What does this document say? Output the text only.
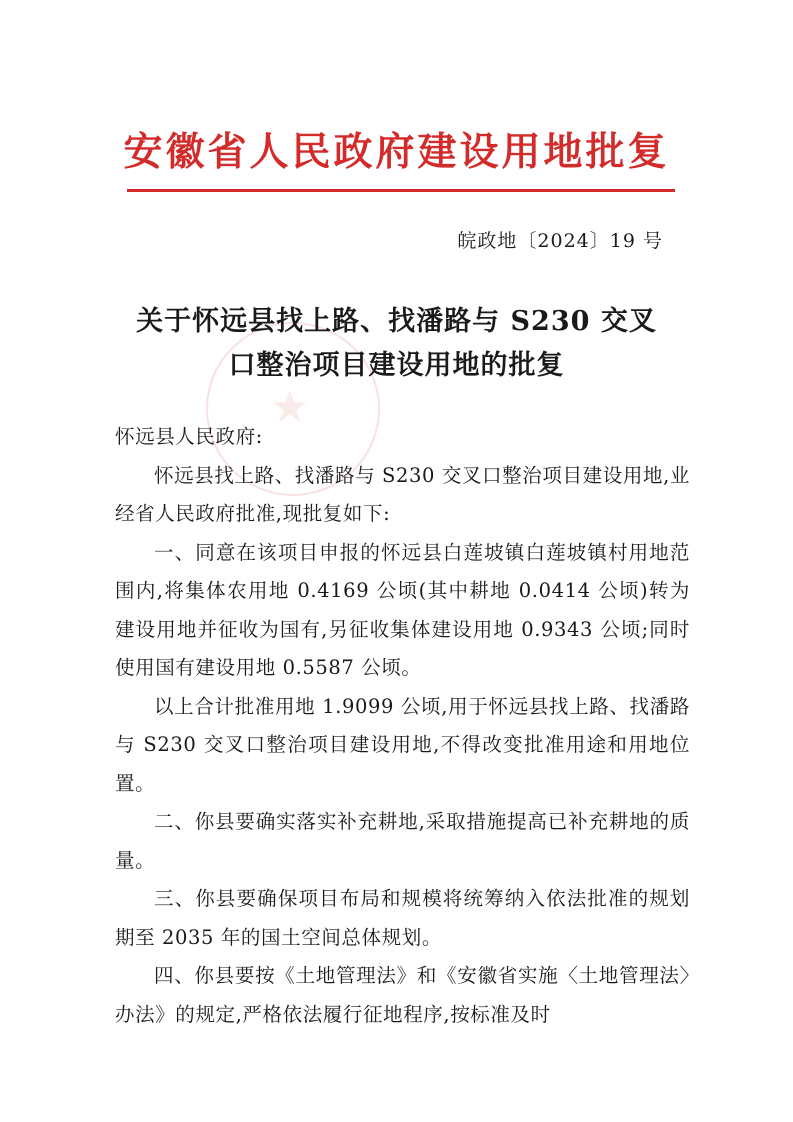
安徽省人民政府建设用地批复
皖政地〔2024〕19 号
★
关于怀远县找上路、找潘路与 S230 交叉
口整治项目建设用地的批复

怀远县人民政府:

怀远县找上路、找潘路与 S230 交叉口整治项目建设用地,业经省人民政府批准,现批复如下:

一、同意在该项目申报的怀远县白莲坡镇白莲坡镇村用地范围内,将集体农用地 0.4169 公顷(其中耕地 0.0414 公顷)转为建设用地并征收为国有,另征收集体建设用地 0.9343 公顷;同时使用国有建设用地 0.5587 公顷。

以上合计批准用地 1.9099 公顷,用于怀远县找上路、找潘路与 S230 交叉口整治项目建设用地,不得改变批准用途和用地位置。

二、你县要确实落实补充耕地,采取措施提高已补充耕地的质量。

三、你县要确保项目布局和规模将统筹纳入依法批准的规划期至 2035 年的国土空间总体规划。

四、你县要按《土地管理法》和《安徽省实施〈土地管理法〉办法》的规定,严格依法履行征地程序,按标准及时
